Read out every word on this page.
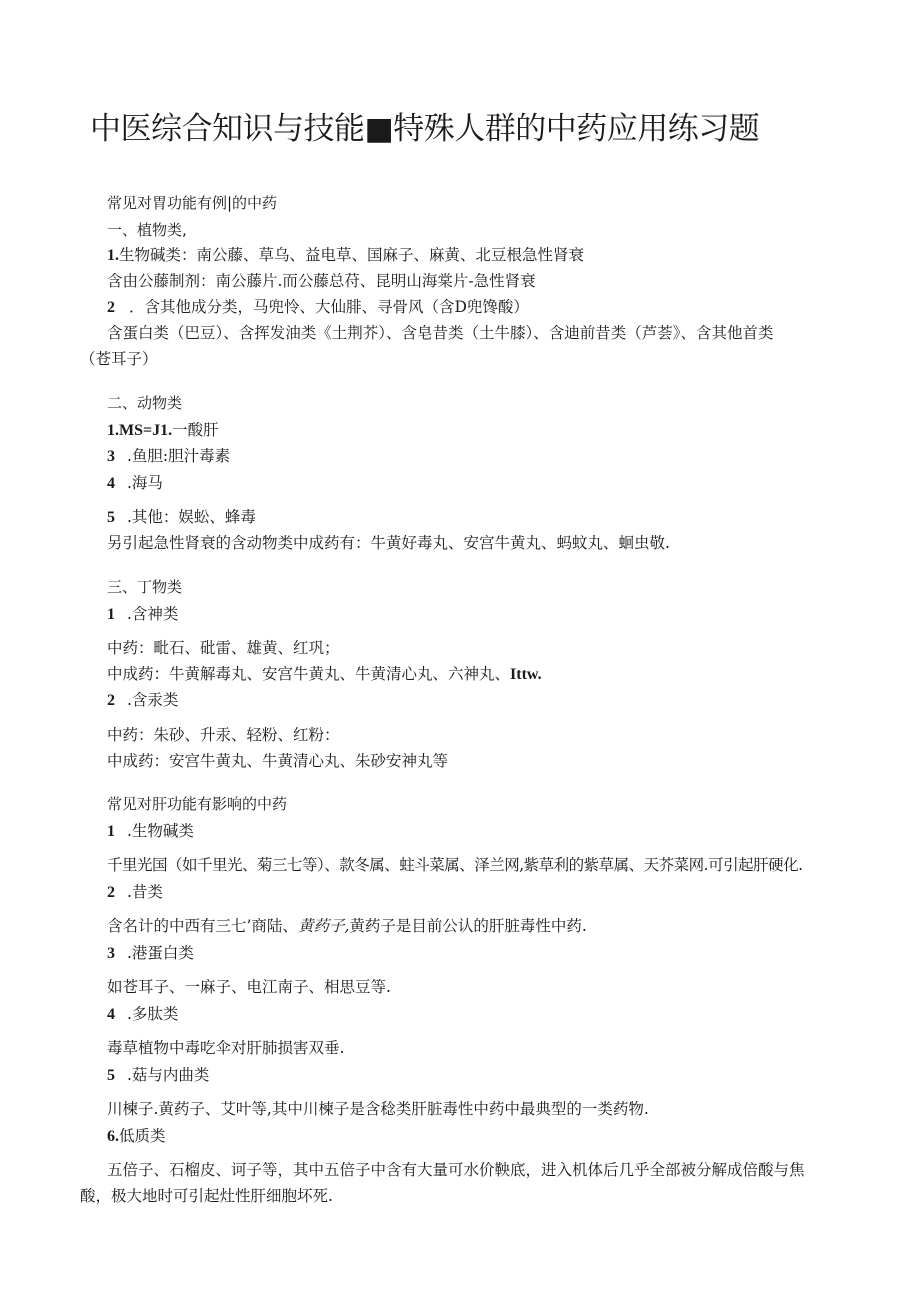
中医综合知识与技能■特殊人群的中药应用练习题
常见对胃功能有例|的中药
一、植物类,
1.生物碱类：南公藤、草乌、益电草、国麻子、麻黄、北豆根急性肾衰
含由公藤制剂：南公藤片.而公藤总苻、昆明山海棠片-急性肾衰
2 ．含其他成分类，马兜怜、大仙腓、寻骨风（含D兜馋酸）
含蛋白类（巴豆）、含挥发油类《土荆芥）、含皂昔类（土牛膝）、含迪前昔类（芦荟》、含其他首类
（苍耳子）
二、动物类
1.MS=J1.一酸肝
3 .鱼胆:胆汁毒素
4 .海马
5 .其他：娱蚣、蜂毒
另引起急性肾衰的含动物类中成药有：牛黄好毒丸、安宫牛黄丸、蚂蚊丸、蛔虫敬.
三、丁物类
1 .含神类
中药：毗石、砒雷、雄黄、红巩；
中成药：牛黄解毒丸、安宫牛黄丸、牛黄清心丸、六神丸、Ittw.
2 .含汞类
中药：朱砂、升汞、轻粉、红粉：
中成药：安宫牛黄丸、牛黄清心丸、朱砂安神丸等
常见对肝功能有影响的中药
1 .生物碱类
千里光国（如千里光、菊三七等）、款冬属、蛀斗菜属、泽兰网,紫草利的紫草属、天芥菜网.可引起肝硬化.
2 .昔类
含名计的中西有三七’商陆、黄药子,黄药子是目前公认的肝脏毒性中药.
3 .港蛋白类
如苍耳子、一麻子、电江南子、相思豆等.
4 .多肽类
毒草植物中毒吃伞对肝肺损害双垂.
5 .菇与内曲类
川楝子.黄药子、艾叶等,其中川楝子是含稔类肝脏毒性中药中最典型的一类药物.
6.低质类
五倍子、石榴皮、诃子等，其中五倍子中含有大量可水价鞅底，进入机体后几乎全部被分解成倍酸与焦
酸，极大地时可引起灶性肝细胞坏死.
